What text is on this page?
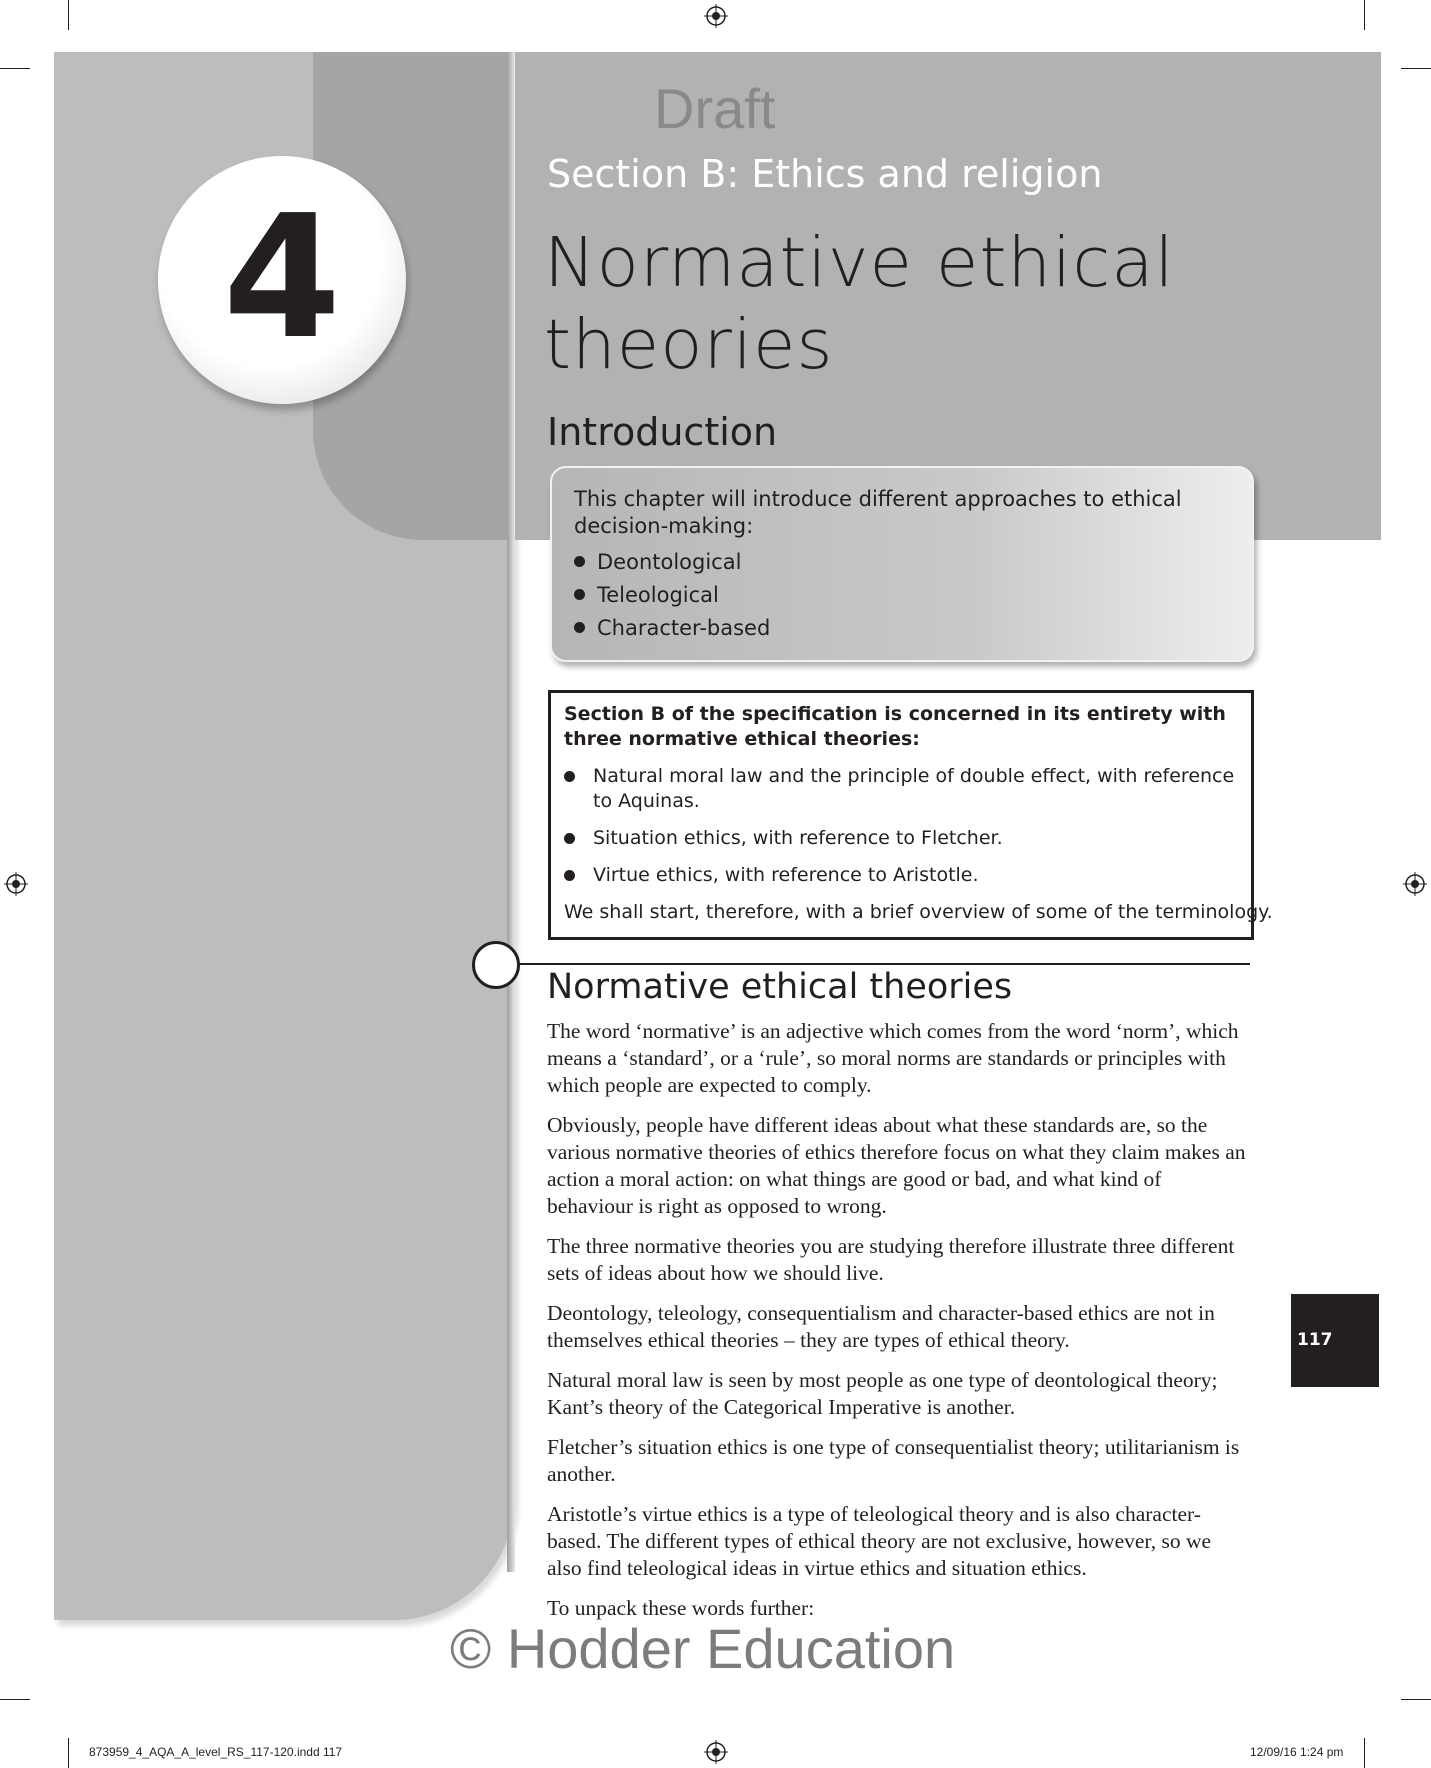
4
Draft
Section B: Ethics and religion
Normative ethical
theories
Introduction
This chapter will introduce different approaches to ethical decision-making:
Deontological
Teleological
Character-based
Section B of the specification is concerned in its entirety with three normative ethical theories:
Natural moral law and the principle of double effect, with reference to Aquinas.
Situation ethics, with reference to Fletcher.
Virtue ethics, with reference to Aristotle.
We shall start, therefore, with a brief overview of some of the terminology.
Normative ethical theories

The word ‘normative’ is an adjective which comes from the word ‘norm’, which means a ‘standard’, or a ‘rule’, so moral norms are standards or principles with which people are expected to comply.

Obviously, people have different ideas about what these standards are, so the various normative theories of ethics therefore focus on what they claim makes an action a moral action: on what things are good or bad, and what kind of behaviour is right as opposed to wrong.

The three normative theories you are studying therefore illustrate three different sets of ideas about how we should live.

Deontology, teleology, consequentialism and character-based ethics are not in themselves ethical theories – they are types of ethical theory.

Natural moral law is seen by most people as one type of deontological theory; Kant’s theory of the Categorical Imperative is another.

Fletcher’s situation ethics is one type of consequentialist theory; utilitarianism is another.

Aristotle’s virtue ethics is a type of teleological theory and is also character-based. The different types of ethical theory are not exclusive, however, so we also find teleological ideas in virtue ethics and situation ethics.

To unpack these words further:

117
© Hodder Education
873959_4_AQA_A_level_RS_117-120.indd 117	12/09/16 1:24 pm
